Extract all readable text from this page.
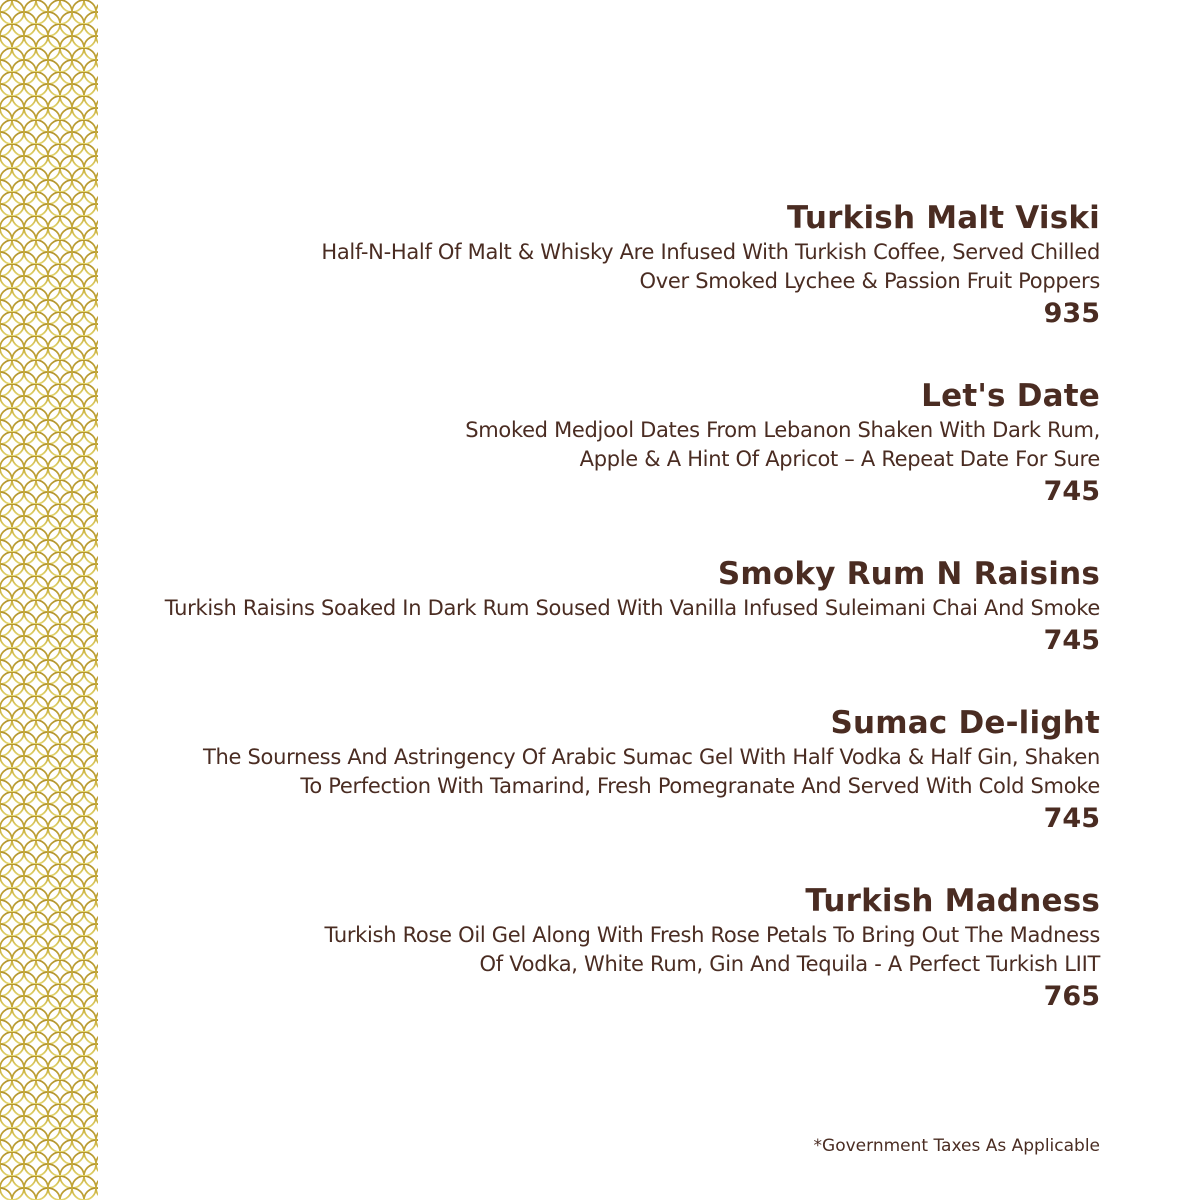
Turkish Malt Viski
Half-N-Half Of Malt & Whisky Are Infused With Turkish Coffee, Served Chilled
Over Smoked Lychee & Passion Fruit Poppers
935
Let's Date
Smoked Medjool Dates From Lebanon Shaken With Dark Rum,
Apple & A Hint Of Apricot – A Repeat Date For Sure
745
Smoky Rum N Raisins
Turkish Raisins Soaked In Dark Rum Soused With Vanilla Infused Suleimani Chai And Smoke
745
Sumac De-light
The Sourness And Astringency Of Arabic Sumac Gel With Half Vodka & Half Gin, Shaken
To Perfection With Tamarind, Fresh Pomegranate And Served With Cold Smoke
745
Turkish Madness
Turkish Rose Oil Gel Along With Fresh Rose Petals To Bring Out The Madness
Of Vodka, White Rum, Gin And Tequila - A Perfect Turkish LIIT
765
*Government Taxes As Applicable
